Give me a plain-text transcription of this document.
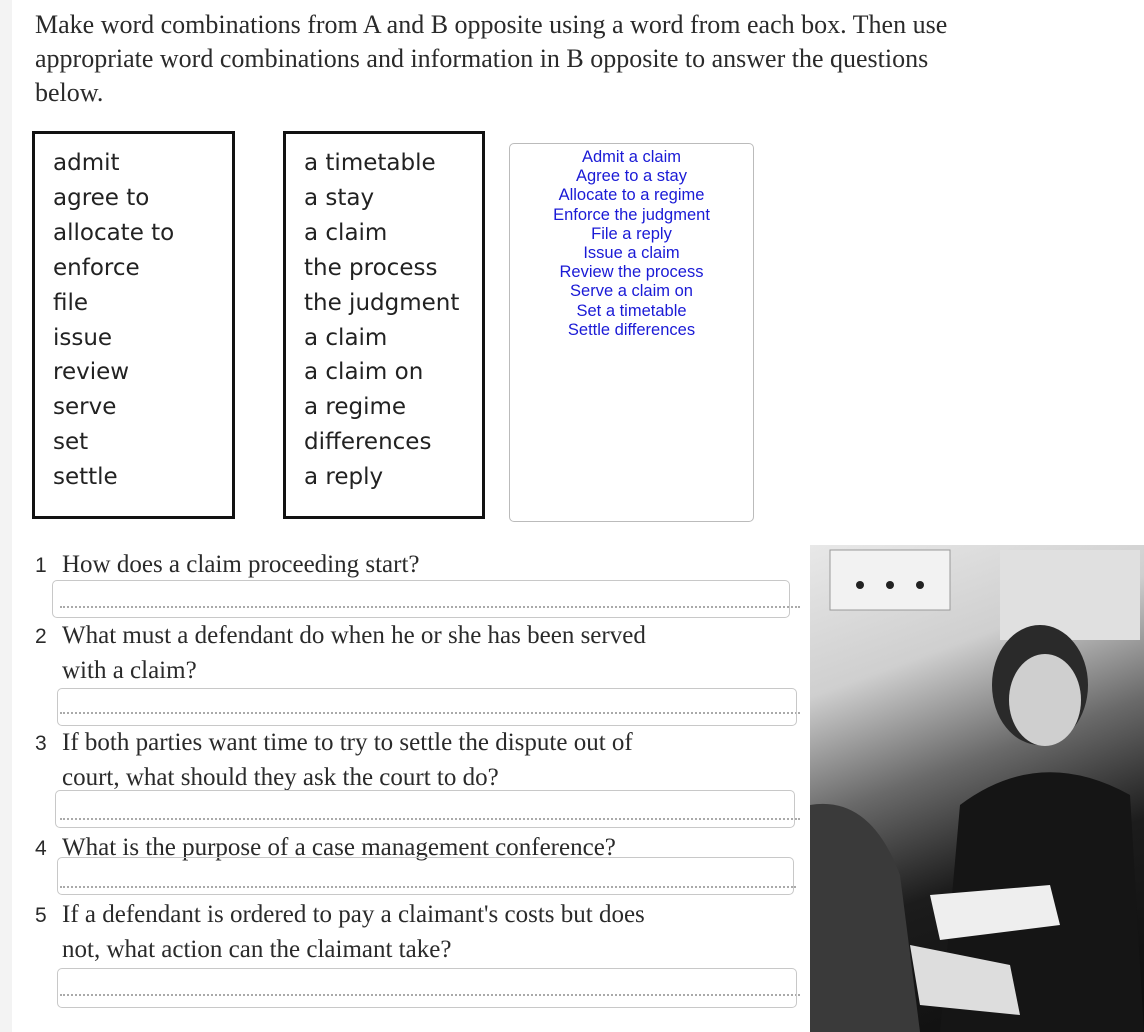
Make word combinations from A and B opposite using a word from each box. Then use
appropriate word combinations and information in B opposite to answer the questions
below.
admit
agree to
allocate to
enforce
file
issue
review
serve
set
settle
a timetable
a stay
a claim
the process
the judgment
a claim
a claim on
a regime
differences
a reply
Admit a claim
Agree to a stay
Allocate to a regime
Enforce the judgment
File a reply
Issue a claim
Review the process
Serve a claim on
Set a timetable
Settle differences
1 How does a claim proceeding start?
2 What must a defendant do when he or she has been served
with a claim?
3 If both parties want time to try to settle the dispute out of
court, what should they ask the court to do?
4 What is the purpose of a case management conference?
5 If a defendant is ordered to pay a claimant's costs but does
not, what action can the claimant take?
